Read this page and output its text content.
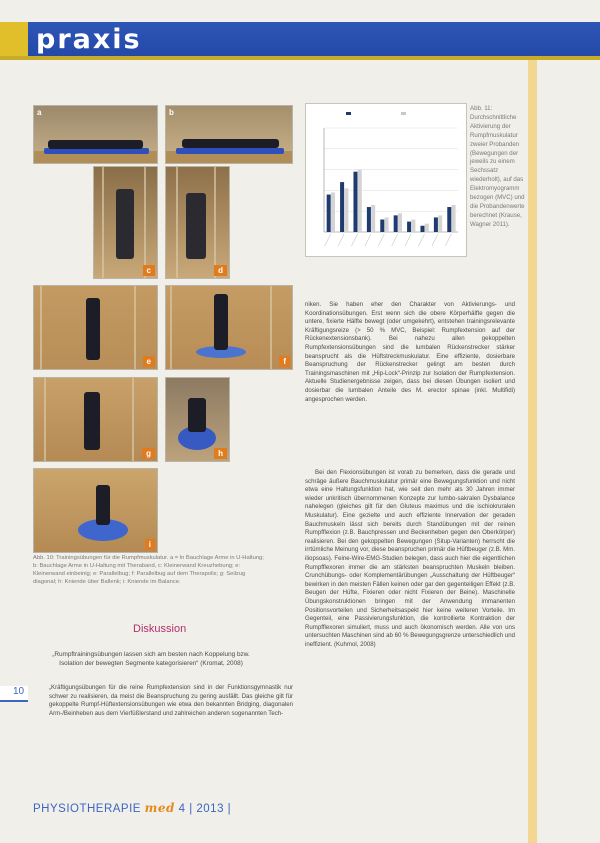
praxis
a	b
c	d
e	f
g	h
i
Abb. 11: Durchschnittliche Aktivierung der Rumpfmuskulatur zweier Probanden (Bewegungen der jeweils zu einem Sechssatz wiederholt), auf das Elektromyogramm bezogen (MVC) und die Probandenwerte berechnet (Krause, Wagner 2011).
niken. Sie haben eher den Charakter von Aktivierungs- und Koordinationsübungen. Erst wenn sich die obere Körperhälfte gegen die untere, fixierte Hälfte bewegt (oder umgekehrt), entstehen trainingsrelevante Kräftigungsreize (> 50 % MVC, Beispiel: Rumpfextension auf der Rückenextensionsbank). Bei nahezu allen gekoppelten Rumpfextensionsübungen sind die lumbalen Rückenstrecker stärker beansprucht als die Hüftstreckmuskulatur. Eine effiziente, dosierbare Beanspruchung der Rückenstrecker gelingt am besten durch Trainingsmaschinen mit „Hip-Lock“-Prinzip zur Isolation der Rumpfextension. Aktuelle Studienergebnisse zeigen, dass bei diesen Übungen isoliert und dosierbar die lumbalen Anteile des M. erector spinae (inkl. Multifidi) angesprochen werden.
Bei den Flexionsübungen ist vorab zu bemerken, dass die gerade und schräge äußere Bauchmuskulatur primär eine Bewegungsfunktion und nicht etwa eine Haltungsfunktion hat, wie seit den mehr als 30 Jahren immer wieder unkritisch übernommenen Konzepte zur lumbo-sakralen Dysbalance nahelegen (gleiches gilt für den Gluteus maximus und die ischiokruralen Muskulatur). Eine gezielte und auch effiziente Innervation der geraden Bauchmuskeln lässt sich bereits durch Standübungen mit der reinen Rumpfflexion (z.B. Bauchpressen und Beckenheben gegen den Oberkörper) realisieren. Bei den gekoppelten Bewegungen (Situp-Varianten) herrscht die irrtümliche Meinung vor, diese beanspruchen primär die Hüftbeuger (z.B. Mm. iliopsoas). Feine-Wire-EMG-Studien belegen, dass auch hier die eigentlichen Rumpfflexoren immer die am stärksten beanspruchten Muskeln bleiben. Crunchübungs- oder Komplementärübungen „Ausschaltung der Hüftbeuger“ bewirken in den meisten Fällen keinen oder gar den gegenteiligen Effekt (z.B. Beugen der Hüfte, Fixieren oder nicht Fixieren der Beine). Maschinelle Übungskonstruktionen bringen mit der Anwendung immanenten Positionsvorteilen und Sicherheitsaspekt hier keine weiteren Vorteile. Im Gegenteil, eine Passivierungsfunktion, die kontrollierte Kontraktion der Rumpfflexoren simuliert, muss und auch ökonomisch werden. Alle von uns untersuchten Maschinen sind ab 60 % Bewegungsgrenze unterschiedlich und ineffizient. (Kuhmol, 2008)
Abb. 10: Trainingsübungen für die Rumpfmuskulatur. a = ln Bauchlage Arme in U-Haltung; b: Bauchlage Arme in U-Haltung mit Theraband, c: Kleinerwand Kreuzhebung; e: Kleinerwand einbeinig; e: Parallelbug; f: Parallelbug auf dem Therapolis; g: Seilzug diagonal; h: Kniende über Ballenk; i: Kniende im Balance.
Diskussion
„Rumpftrainingsübungen lassen sich am besten nach Koppelung bzw. Isolation der bewegten Segmente kategorisieren“ (Kromat, 2008)
10	„Kräftigungsübungen für die reine Rumpfextension sind in der Funktionsgymnastik nur schwer zu realisieren, da meist die Beanspruchung zu gering ausfällt. Das gleiche gilt für gekoppelte Rumpf-Hüftextensionsübungen wie etwa den bekannten Bridging, diagonalen Arm-/Beinheben aus dem Vierfüßlerstand und zahlreichen anderen sogenannten Tech-
PHYSIOTHERAPIE med 4 | 2013 |
